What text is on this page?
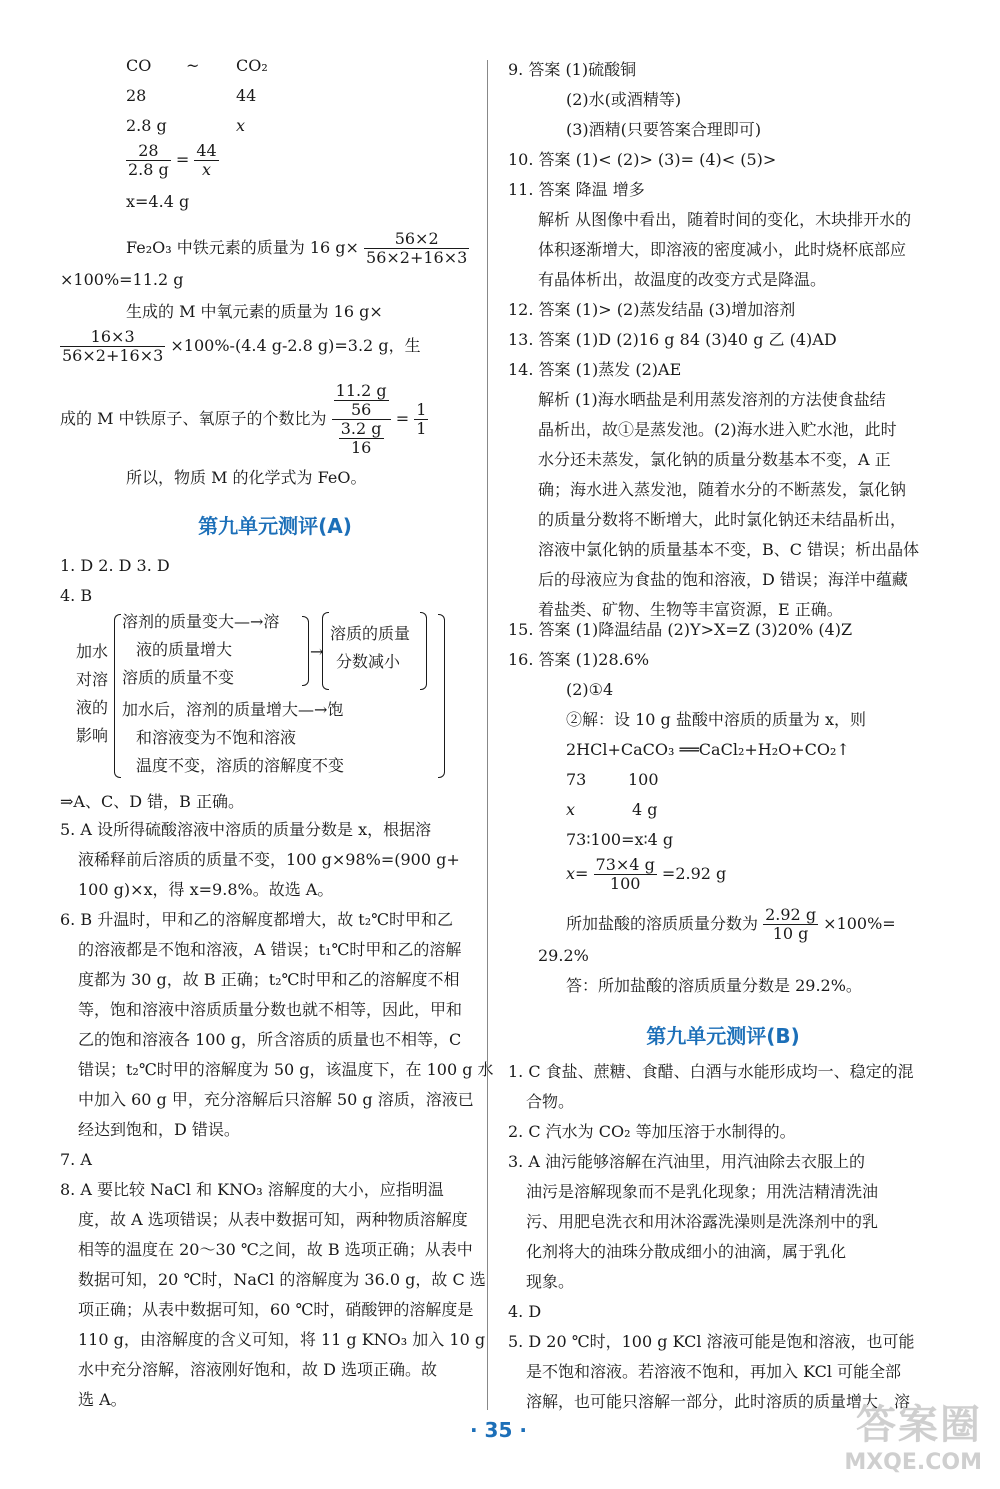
CO ~ CO₂
28	44
2.8 g	x
$\frac{28}{2.8 g} = \frac{44}{x}$
x=4.4 g
Fe₂O₃ 中铁元素的质量为 16 $g\times \frac{56\times 2}{56\times 2+16\times 3}$
×100%=11.2 g
生成的 M 中氧元素的质量为 16 g×
$\frac{16\times 3}{56\times 2+16\times 3} \times 100\%-(4.4$ g-2.8 g)=3.2 g，生
成的 M 中铁原子、氧原子的个数比为 $\frac{\frac{11.2 g}{56}}{\frac{3.2 g}{16}} = \frac{1}{1}$
所以，物质 M 的化学式为 FeO。
第九单元测评(A)
1. D 2. D 3. D
4. B
加水
对溶
液的
影响
溶剂的质量变大—→溶
液的质量增大
溶质的质量不变
→
溶质的质量
分数减小
加水后，溶剂的质量增大—→饱
和溶液变为不饱和溶液
温度不变，溶质的溶解度不变
⇒A、C、D 错，B 正确。
5. A 设所得硫酸溶液中溶质的质量分数是 x，根据溶
液稀释前后溶质的质量不变，100 g×98%=(900 g+
100 g)×x，得 x=9.8%。故选 A。
6. B 升温时，甲和乙的溶解度都增大，故 t₂℃时甲和乙
的溶液都是不饱和溶液，A 错误；t₁℃时甲和乙的溶解
度都为 30 g，故 B 正确；t₂℃时甲和乙的溶解度不相
等，饱和溶液中溶质质量分数也就不相等，因此，甲和
乙的饱和溶液各 100 g，所含溶质的质量也不相等，C
错误；t₂℃时甲的溶解度为 50 g，该温度下，在 100 g 水
中加入 60 g 甲，充分溶解后只溶解 50 g 溶质，溶液已
经达到饱和，D 错误。
7. A
8. A 要比较 NaCl 和 KNO₃ 溶解度的大小，应指明温
度，故 A 选项错误；从表中数据可知，两种物质溶解度
相等的温度在 20～30 ℃之间，故 B 选项正确；从表中
数据可知，20 ℃时，NaCl 的溶解度为 36.0 g，故 C 选
项正确；从表中数据可知，60 ℃时，硝酸钾的溶解度是
110 g，由溶解度的含义可知，将 11 g KNO₃ 加入 10 g
水中充分溶解，溶液刚好饱和，故 D 选项正确。故
选 A。
9. 答案 (1)硫酸铜
(2)水(或酒精等)
(3)酒精(只要答案合理即可)
10. 答案 (1)< (2)> (3)= (4)< (5)>
11. 答案 降温 增多
解析 从图像中看出，随着时间的变化，木块排开水的
体积逐渐增大，即溶液的密度减小，此时烧杯底部应
有晶体析出，故温度的改变方式是降温。
12. 答案 (1)> (2)蒸发结晶 (3)增加溶剂
13. 答案 (1)D (2)16 g 84 (3)40 g 乙 (4)AD
14. 答案 (1)蒸发 (2)AE
解析 (1)海水晒盐是利用蒸发溶剂的方法使食盐结
晶析出，故①是蒸发池。(2)海水进入贮水池，此时
水分还未蒸发，氯化钠的质量分数基本不变，A 正
确；海水进入蒸发池，随着水分的不断蒸发，氯化钠
的质量分数将不断增大，此时氯化钠还未结晶析出，
溶液中氯化钠的质量基本不变，B、C 错误；析出晶体
后的母液应为食盐的饱和溶液，D 错误；海洋中蕴藏
着盐类、矿物、生物等丰富资源，E 正确。
15. 答案 (1)降温结晶 (2)Y>X=Z (3)20% (4)Z
16. 答案 (1)28.6%
(2)①4
②解：设 10 g 盐酸中溶质的质量为 x，则
2HCl+CaCO₃ ══CaCl₂+H₂O+CO₂↑
73	100
x	4 g
73∶100=x∶4 g
$x= \frac{73\times 4 g}{100} =2.92$ g
所加盐酸的溶质质量分数为 $\frac{2.92 g}{10 g} \times 100\%=$
29.2%
答：所加盐酸的溶质质量分数是 29.2%。
第九单元测评(B)
1. C 食盐、蔗糖、食醋、白酒与水能形成均一、稳定的混
合物。
2. C 汽水为 CO₂ 等加压溶于水制得的。
3. A 油污能够溶解在汽油里，用汽油除去衣服上的
油污是溶解现象而不是乳化现象；用洗洁精清洗油
污、用肥皂洗衣和用沐浴露洗澡则是洗涤剂中的乳
化剂将大的油珠分散成细小的油滴，属于乳化
现象。
4. D
5. D 20 ℃时，100 g KCl 溶液可能是饱和溶液，也可能
是不饱和溶液。若溶液不饱和，再加入 KCl 可能全部
溶解，也可能只溶解一部分，此时溶质的质量增大，溶
· 35 ·	答案圈
MXQE.COM
